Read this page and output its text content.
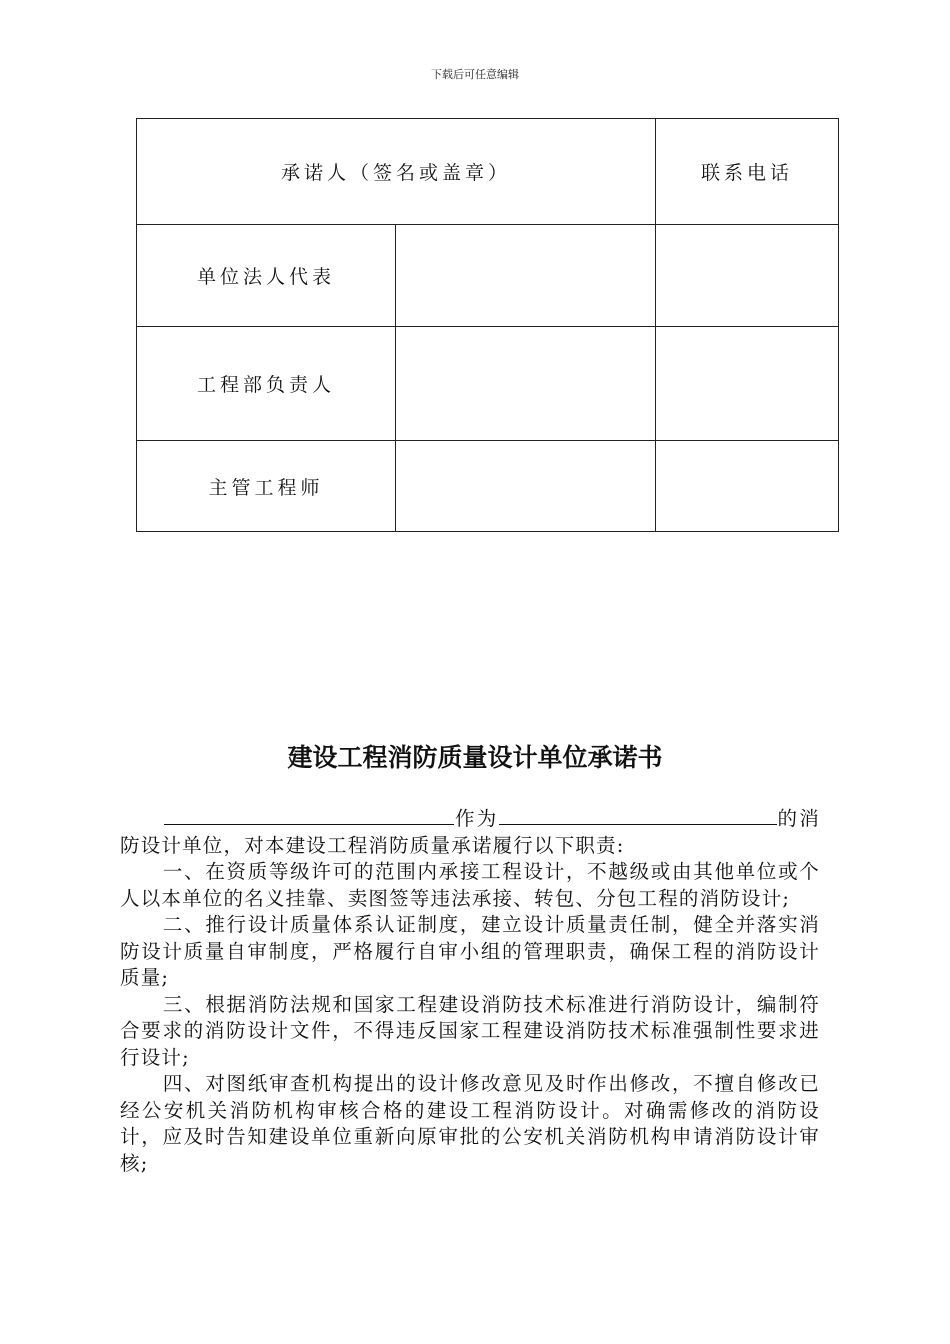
下载后可任意编辑
承诺人（签名或盖章）		联系电话
单位法人代表		
工程部负责人		
主管工程师		
建设工程消防质量设计单位承诺书

作为	的消防设计单位，对本建设工程消防质量承诺履行以下职责:

一、在资质等级许可的范围内承接工程设计，不越级或由其他单位或个人以本单位的名义挂靠、卖图签等违法承接、转包、分包工程的消防设计;

二、推行设计质量体系认证制度，建立设计质量责任制，健全并落实消防设计质量自审制度，严格履行自审小组的管理职责，确保工程的消防设计质量;

三、根据消防法规和国家工程建设消防技术标准进行消防设计，编制符合要求的消防设计文件，不得违反国家工程建设消防技术标准强制性要求进行设计;

四、对图纸审查机构提出的设计修改意见及时作出修改，不擅自修改已经公安机关消防机构审核合格的建设工程消防设计。对确需修改的消防设计，应及时告知建设单位重新向原审批的公安机关消防机构申请消防设计审核;
